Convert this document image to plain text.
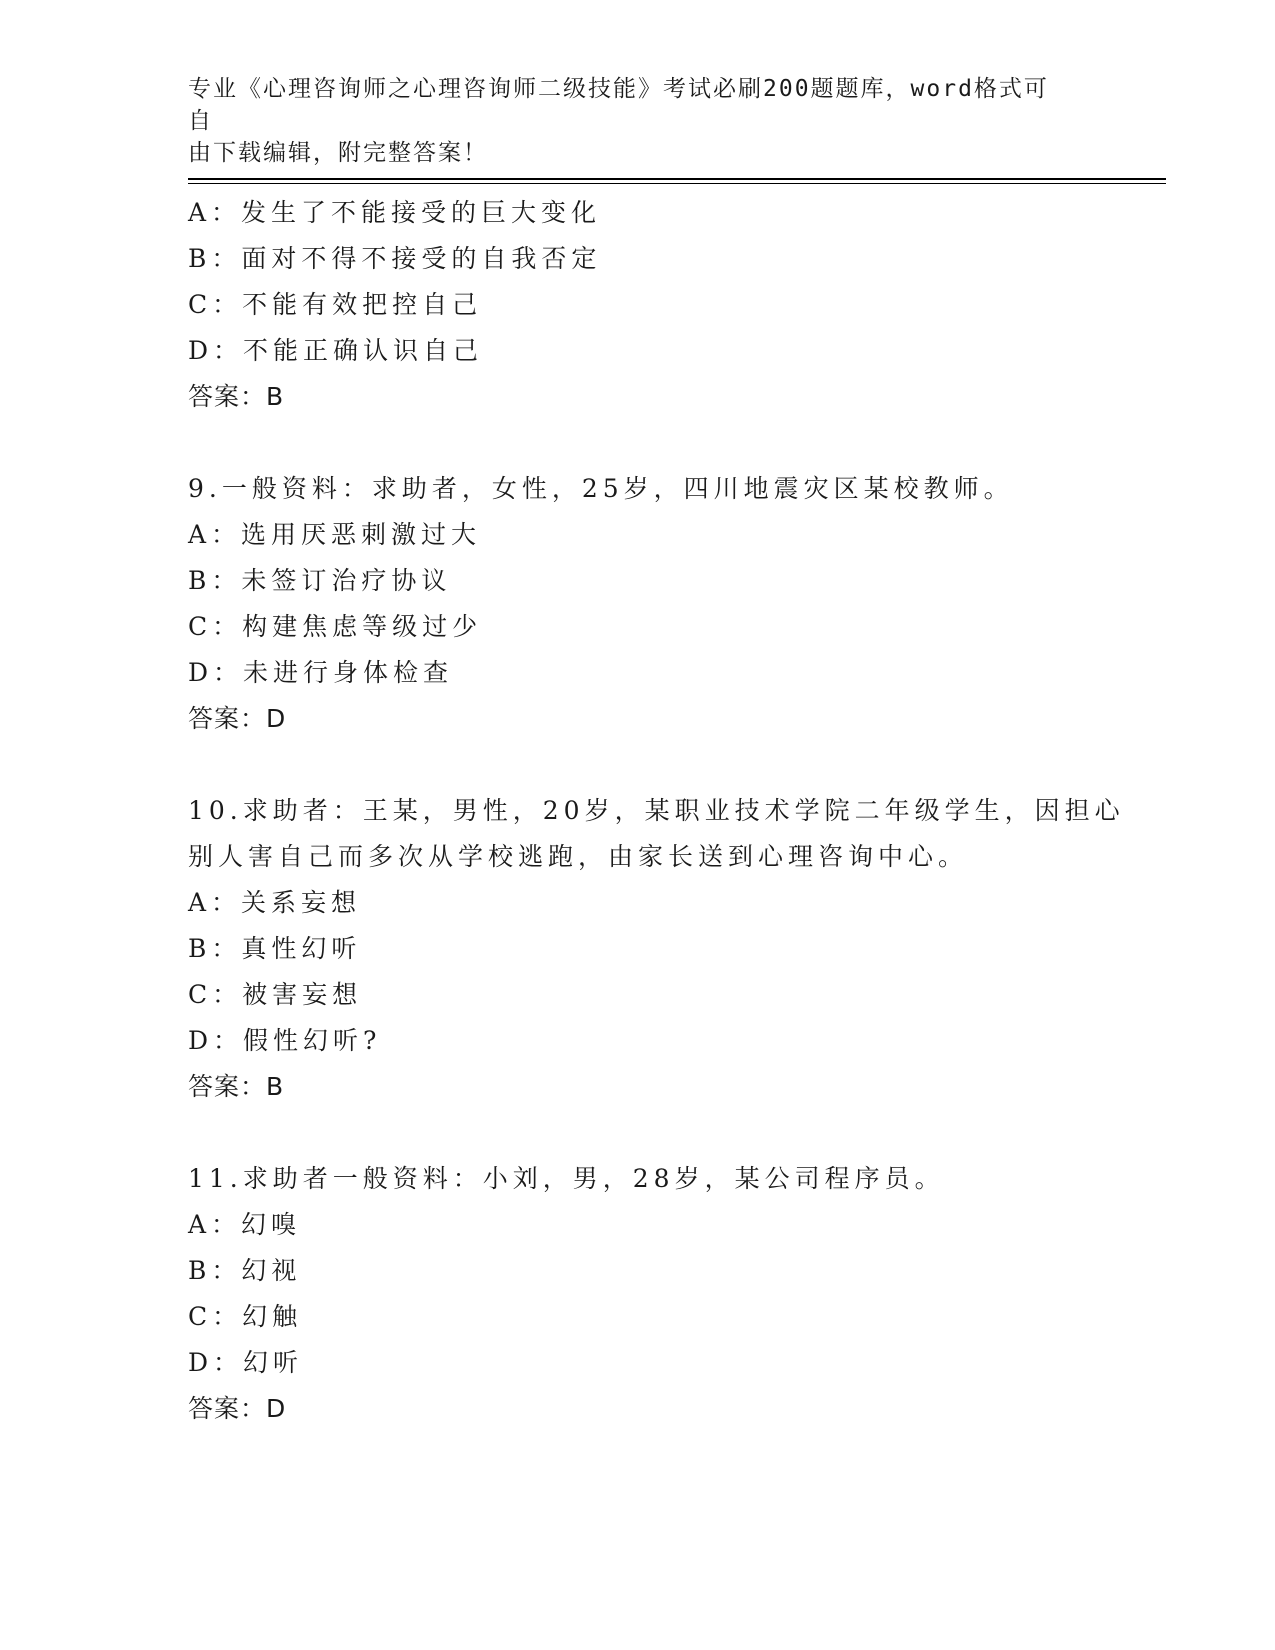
专业《心理咨询师之心理咨询师二级技能》考试必刷200题题库，word格式可自
由下载编辑，附完整答案！
A：发生了不能接受的巨大变化
B：面对不得不接受的自我否定
C：不能有效把控自己
D：不能正确认识自己
答案：B
9.一般资料：求助者，女性，25岁，四川地震灾区某校教师。
A：选用厌恶刺激过大
B：未签订治疗协议
C：构建焦虑等级过少
D：未进行身体检查
答案：D
10.求助者：王某，男性，20岁，某职业技术学院二年级学生，因担心
别人害自己而多次从学校逃跑，由家长送到心理咨询中心。
A：关系妄想
B：真性幻听
C：被害妄想
D：假性幻听?
答案：B
11.求助者一般资料：小刘，男，28岁，某公司程序员。
A：幻嗅
B：幻视
C：幻触
D：幻听
答案：D
